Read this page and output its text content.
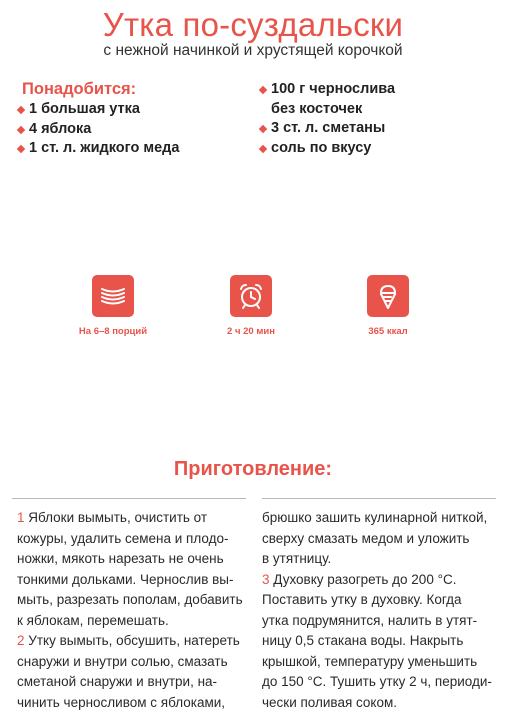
Утка по-суздальски
с нежной начинкой и хрустящей корочкой
Понадобится:
1 большая утка
4 яблока
1 ст. л. жидкого меда
100 г чернослива
без косточек
3 ст. л. сметаны
соль по вкусу
На 6–8 порций	2 ч 20 мин	365 ккал
Приготовление:

1 Яблоки вымыть, очистить от

кожуры, удалить семена и плодо-

ножки, мякоть нарезать не очень

тонкими дольками. Чернослив вы-

мыть, разрезать пополам, добавить

к яблокам, перемешать.

2 Утку вымыть, обсушить, натереть

снаружи и внутри солью, смазать

сметаной снаружи и внутри, на-

чинить черносливом с яблоками,

брюшко зашить кулинарной ниткой,

сверху смазать медом и уложить

в утятницу.

3 Духовку разогреть до 200 °С.

Поставить утку в духовку. Когда

утка подрумянится, налить в утят-

ницу 0,5 стакана воды. Накрыть

крышкой, температуру уменьшить

до 150 °С. Тушить утку 2 ч, периоди-

чески поливая соком.
